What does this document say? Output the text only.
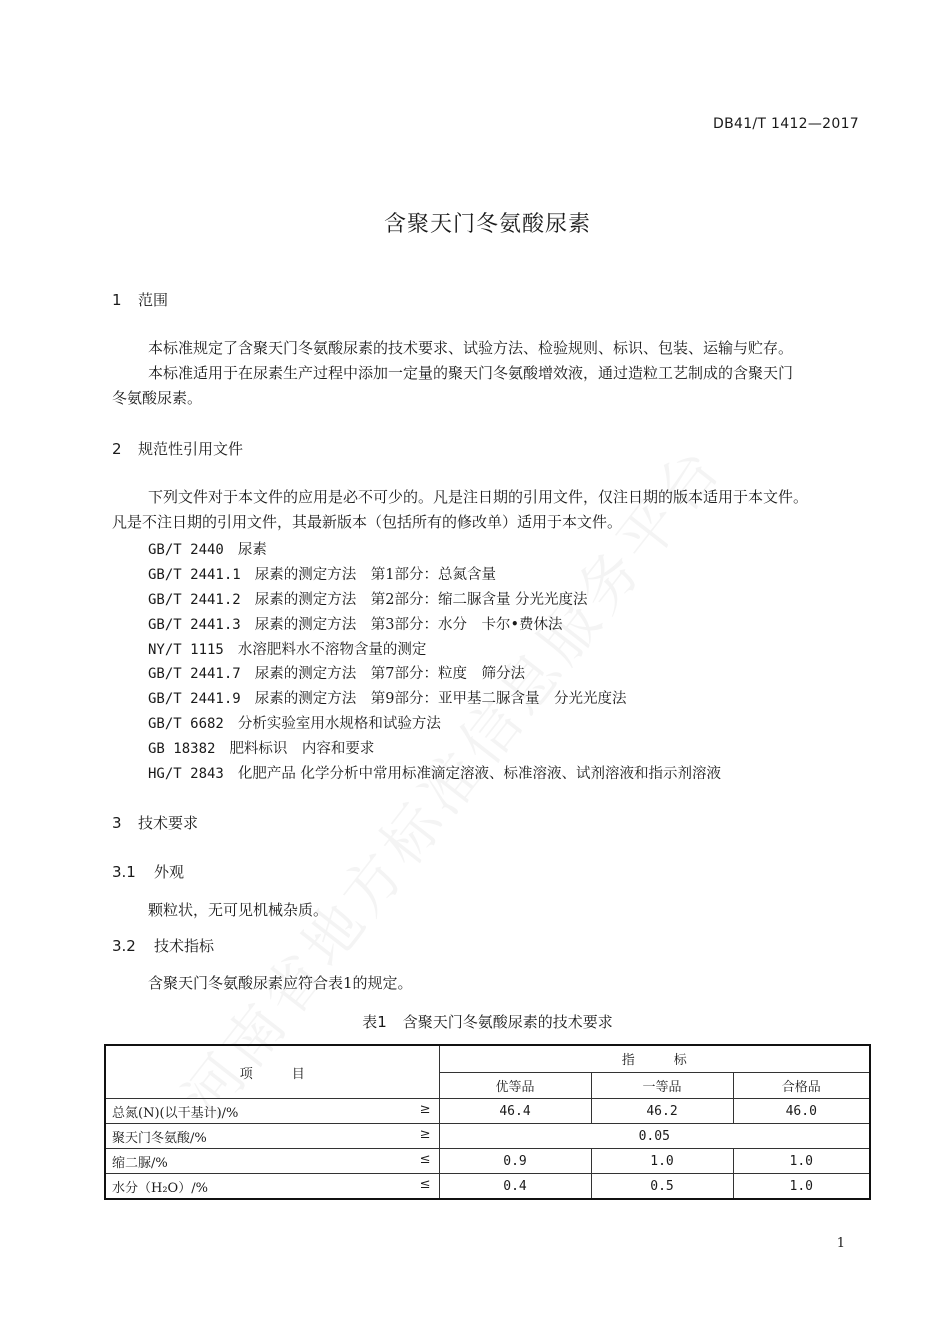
DB41/T 1412—2017
含聚天门冬氨酸尿素
1 范围
本标准规定了含聚天门冬氨酸尿素的技术要求、试验方法、检验规则、标识、包装、运输与贮存。
本标准适用于在尿素生产过程中添加一定量的聚天门冬氨酸增效液，通过造粒工艺制成的含聚天门
冬氨酸尿素。
2 规范性引用文件
下列文件对于本文件的应用是必不可少的。凡是注日期的引用文件，仅注日期的版本适用于本文件。
凡是不注日期的引用文件，其最新版本（包括所有的修改单）适用于本文件。
GB/T 2440 尿素
GB/T 2441.1 尿素的测定方法　第1部分：总氮含量
GB/T 2441.2 尿素的测定方法　第2部分：缩二脲含量 分光光度法
GB/T 2441.3 尿素的测定方法　第3部分：水分　卡尔•费休法
NY/T 1115 水溶肥料水不溶物含量的测定
GB/T 2441.7 尿素的测定方法　第7部分：粒度　筛分法
GB/T 2441.9 尿素的测定方法　第9部分：亚甲基二脲含量　分光光度法
GB/T 6682 分析实验室用水规格和试验方法
GB 18382 肥料标识　内容和要求
HG/T 2843 化肥产品 化学分析中常用标准滴定溶液、标准溶液、试剂溶液和指示剂溶液
3 技术要求
3.1 外观
颗粒状，无可见机械杂质。
3.2 技术指标
含聚天门冬氨酸尿素应符合表1的规定。
表1 含聚天门冬氨酸尿素的技术要求
项　　　目	指　　　标		
	优等品	一等品	合格品
总氮(N)(以干基计)/% ≥	46.4	46.2	46.0
聚天门冬氨酸/% ≥	0.05		
缩二脲/% ≤	0.9	1.0	1.0
水分（H₂O）/% ≤	0.4	0.5	1.0
1
